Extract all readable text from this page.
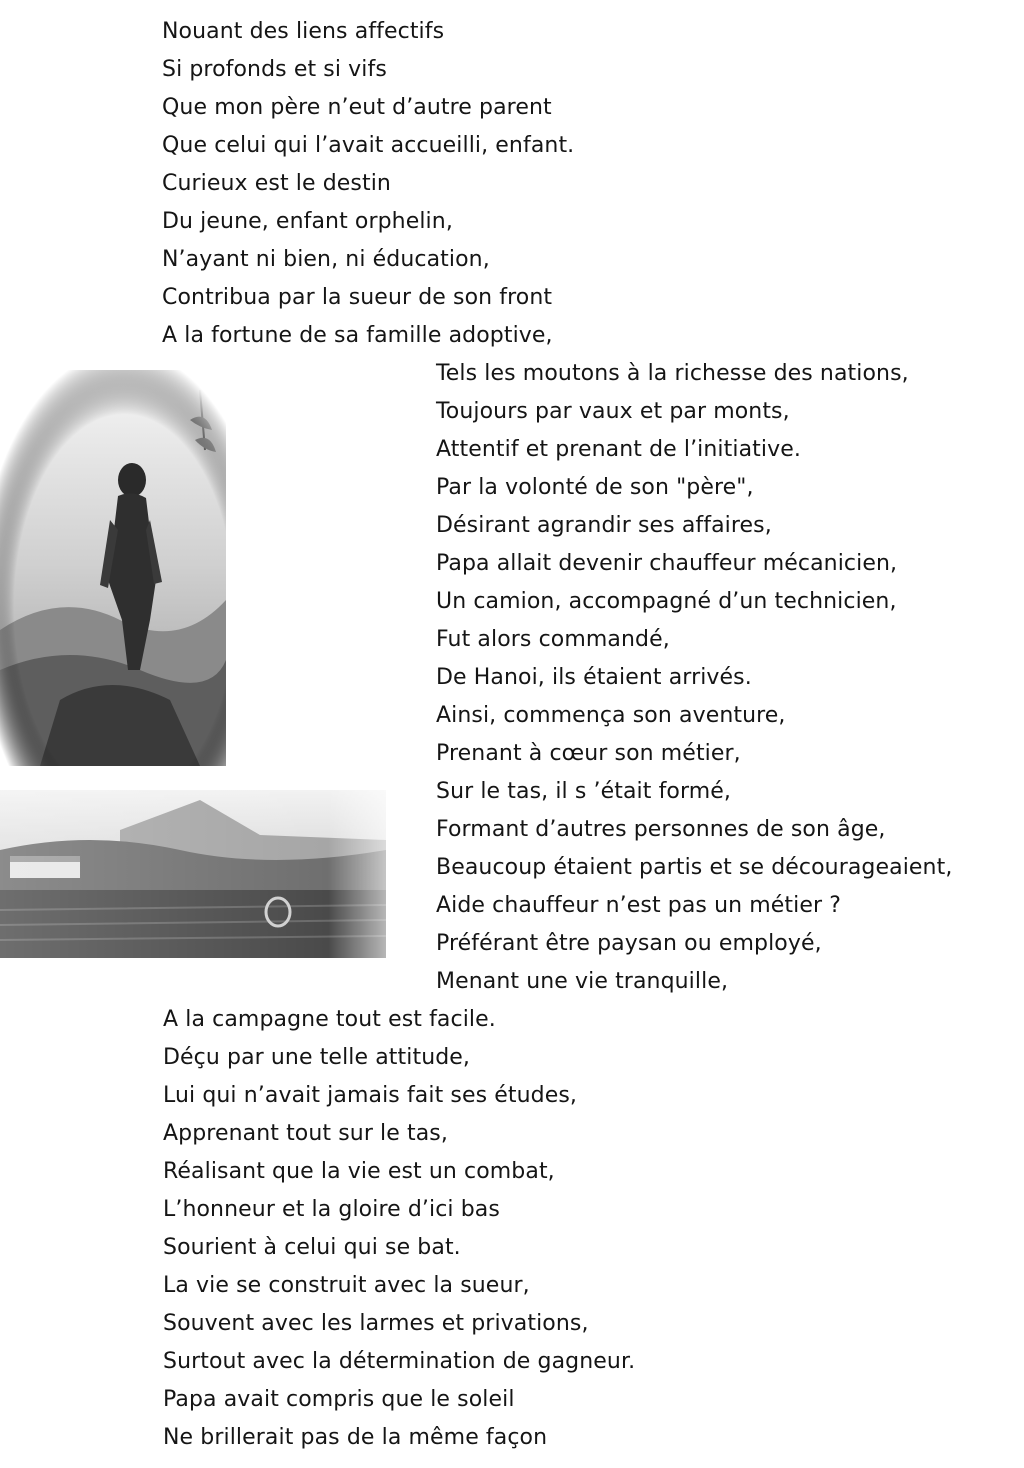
Nouant des liens affectifs

Si profonds et si vifs

Que mon père n’eut d’autre parent

Que celui qui l’avait accueilli, enfant.

Curieux est le destin

Du jeune, enfant orphelin,

N’ayant ni bien, ni éducation,

Contribua par la sueur de son front

A la fortune de sa famille adoptive,

Tels les moutons à la richesse des nations,

Toujours par vaux et par monts,

Attentif et prenant de l’initiative.

Par la volonté de son "père",

Désirant agrandir ses affaires,

Papa allait devenir chauffeur mécanicien,

Un camion, accompagné d’un technicien,

Fut alors commandé,

De Hanoi, ils étaient arrivés.

Ainsi, commença son aventure,

Prenant à cœur son métier,

Sur le tas, il s ’était formé,

Formant d’autres personnes de son âge,

Beaucoup étaient partis et se décourageaient,

Aide chauffeur n’est pas un métier ?

Préférant être paysan ou employé,

Menant une vie tranquille,

A la campagne tout est facile.

Déçu par une telle attitude,

Lui qui n’avait jamais fait ses études,

Apprenant tout sur le tas,

Réalisant que la vie est un combat,

L’honneur et la gloire d’ici bas

Sourient à celui qui se bat.

La vie se construit avec la sueur,

Souvent avec les larmes et privations,

Surtout avec la détermination de gagneur.

Papa avait compris que le soleil

Ne brillerait pas de la même façon
